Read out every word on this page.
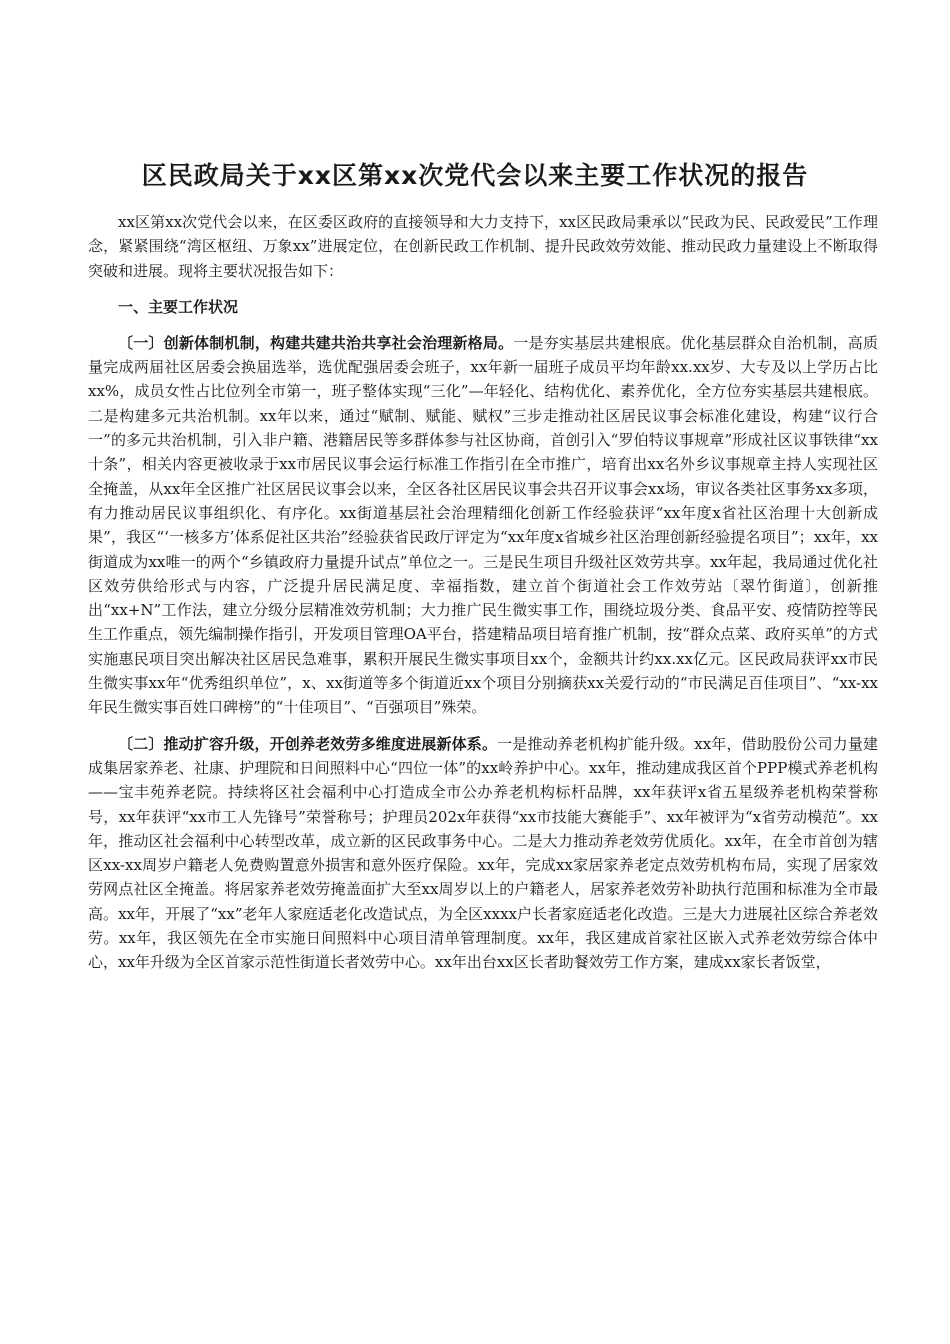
区民政局关于xx区第xx次党代会以来主要工作状况的报告

xx区第xx次党代会以来，在区委区政府的直接领导和大力支持下，xx区民政局秉承以“民政为民、民政爱民”工作理念，紧紧围绕“湾区枢纽、万象xx”进展定位，在创新民政工作机制、提升民政效劳效能、推动民政力量建设上不断取得突破和进展。现将主要状况报告如下：

一、主要工作状况

〔一〕创新体制机制，构建共建共治共享社会治理新格局。一是夯实基层共建根底。优化基层群众自治机制，高质量完成两届社区居委会换届选举，选优配强居委会班子，xx年新一届班子成员平均年龄xx.xx岁、大专及以上学历占比xx%，成员女性占比位列全市第一，班子整体实现“三化”—年轻化、结构优化、素养优化，全方位夯实基层共建根底。二是构建多元共治机制。xx年以来，通过“赋制、赋能、赋权”三步走推动社区居民议事会标准化建设，构建“议行合一”的多元共治机制，引入非户籍、港籍居民等多群体参与社区协商，首创引入“罗伯特议事规章”形成社区议事铁律“xx十条”，相关内容更被收录于xx市居民议事会运行标准工作指引在全市推广，培育出xx名外乡议事规章主持人实现社区全掩盖，从xx年全区推广社区居民议事会以来，全区各社区居民议事会共召开议事会xx场，审议各类社区事务xx多项，有力推动居民议事组织化、有序化。xx街道基层社会治理精细化创新工作经验获评“xx年度x省社区治理十大创新成果”，我区“‘一核多方’体系促社区共治”经验获省民政厅评定为“xx年度x省城乡社区治理创新经验提名项目”；xx年，xx街道成为xx唯一的两个“乡镇政府力量提升试点”单位之一。三是民生项目升级社区效劳共享。xx年起，我局通过优化社区效劳供给形式与内容，广泛提升居民满足度、幸福指数，建立首个街道社会工作效劳站〔翠竹街道〕，创新推出“xx+N”工作法，建立分级分层精准效劳机制；大力推广民生微实事工作，围绕垃圾分类、食品平安、疫情防控等民生工作重点，领先编制操作指引，开发项目管理OA平台，搭建精品项目培育推广机制，按“群众点菜、政府买单”的方式实施惠民项目突出解决社区居民急难事，累积开展民生微实事项目xx个，金额共计约xx.xx亿元。区民政局获评xx市民生微实事xx年“优秀组织单位”，x、xx街道等多个街道近xx个项目分别摘获xx关爱行动的“市民满足百佳项目”、“xx-xx年民生微实事百姓口碑榜”的“十佳项目”、“百强项目”殊荣。

〔二〕推动扩容升级，开创养老效劳多维度进展新体系。一是推动养老机构扩能升级。xx年，借助股份公司力量建成集居家养老、社康、护理院和日间照料中心“四位一体”的xx岭养护中心。xx年，推动建成我区首个PPP模式养老机构——宝丰苑养老院。持续将区社会福利中心打造成全市公办养老机构标杆品牌，xx年获评x省五星级养老机构荣誉称号，xx年获评“xx市工人先锋号”荣誉称号；护理员202x年获得“xx市技能大赛能手”、xx年被评为“x省劳动模范”。xx年，推动区社会福利中心转型改革，成立新的区民政事务中心。二是大力推动养老效劳优质化。xx年，在全市首创为辖区xx-xx周岁户籍老人免费购置意外损害和意外医疗保险。xx年，完成xx家居家养老定点效劳机构布局，实现了居家效劳网点社区全掩盖。将居家养老效劳掩盖面扩大至xx周岁以上的户籍老人，居家养老效劳补助执行范围和标准为全市最高。xx年，开展了“xx”老年人家庭适老化改造试点，为全区xxxx户长者家庭适老化改造。三是大力进展社区综合养老效劳。xx年，我区领先在全市实施日间照料中心项目清单管理制度。xx年，我区建成首家社区嵌入式养老效劳综合体中心，xx年升级为全区首家示范性街道长者效劳中心。xx年出台xx区长者助餐效劳工作方案，建成xx家长者饭堂，
